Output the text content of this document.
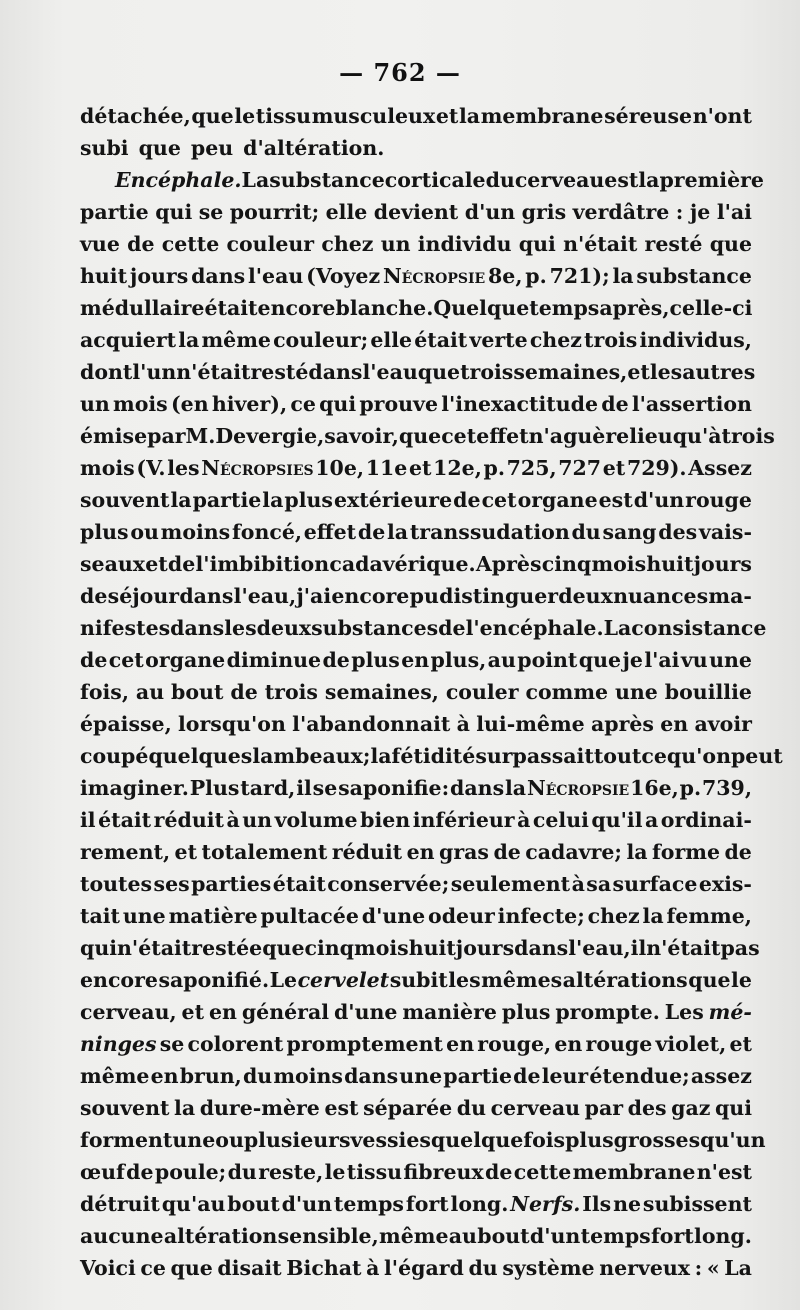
— 762 —
détachée, que le tissu musculeux et la membrane séreuse n'ont
subi que peu d'altération.
Encéphale. La substance corticale du cerveau est la première
partie qui se pourrit; elle devient d'un gris verdâtre : je l'ai
vue de cette couleur chez un individu qui n'était resté que
huit jours dans l'eau (Voyez Nécropsie 8e, p. 721); la substance
médullaire était encore blanche. Quelque temps après, celle-ci
acquiert la même couleur; elle était verte chez trois individus,
dont l'un n'était resté dans l'eau que trois semaines, et les autres
un mois (en hiver), ce qui prouve l'inexactitude de l'assertion
émise par M. Devergie, savoir, que cet effet n'a guère lieu qu'à trois
mois (V. les Nécropsies 10e, 11e et 12e, p. 725, 727 et 729). Assez
souvent la partie la plus extérieure de cet organe est d'un rouge
plus ou moins foncé, effet de la transsudation du sang des vais-
seaux et de l'imbibition cadavérique. Après cinq mois huit jours
de séjour dans l'eau, j'ai encore pu distinguer deux nuances ma-
nifestes dans les deux substances de l'encéphale. La consistance
de cet organe diminue de plus en plus, au point que je l'ai vu une
fois, au bout de trois semaines, couler comme une bouillie
épaisse, lorsqu'on l'abandonnait à lui-même après en avoir
coupé quelques lambeaux; la fétidité surpassait tout ce qu'on peut
imaginer. Plus tard, il se saponifie: dans la Nécropsie 16e, p. 739,
il était réduit à un volume bien inférieur à celui qu'il a ordinai-
rement, et totalement réduit en gras de cadavre; la forme de
toutes ses parties était conservée; seulement à sa surface exis-
tait une matière pultacée d'une odeur infecte; chez la femme,
qui n'était restée que cinq mois huit jours dans l'eau, il n'était pas
encore saponifié. Le cervelet subit les mêmes altérations que le
cerveau, et en général d'une manière plus prompte. Les mé-
ninges se colorent promptement en rouge, en rouge violet, et
même en brun, du moins dans une partie de leur étendue; assez
souvent la dure-mère est séparée du cerveau par des gaz qui
forment une ou plusieurs vessies quelquefois plus grosses qu'un
œuf de poule; du reste, le tissu fibreux de cette membrane n'est
détruit qu'au bout d'un temps fort long. Nerfs. Ils ne subissent
aucune altération sensible, même au bout d'un temps fort long.
Voici ce que disait Bichat à l'égard du système nerveux : « La
